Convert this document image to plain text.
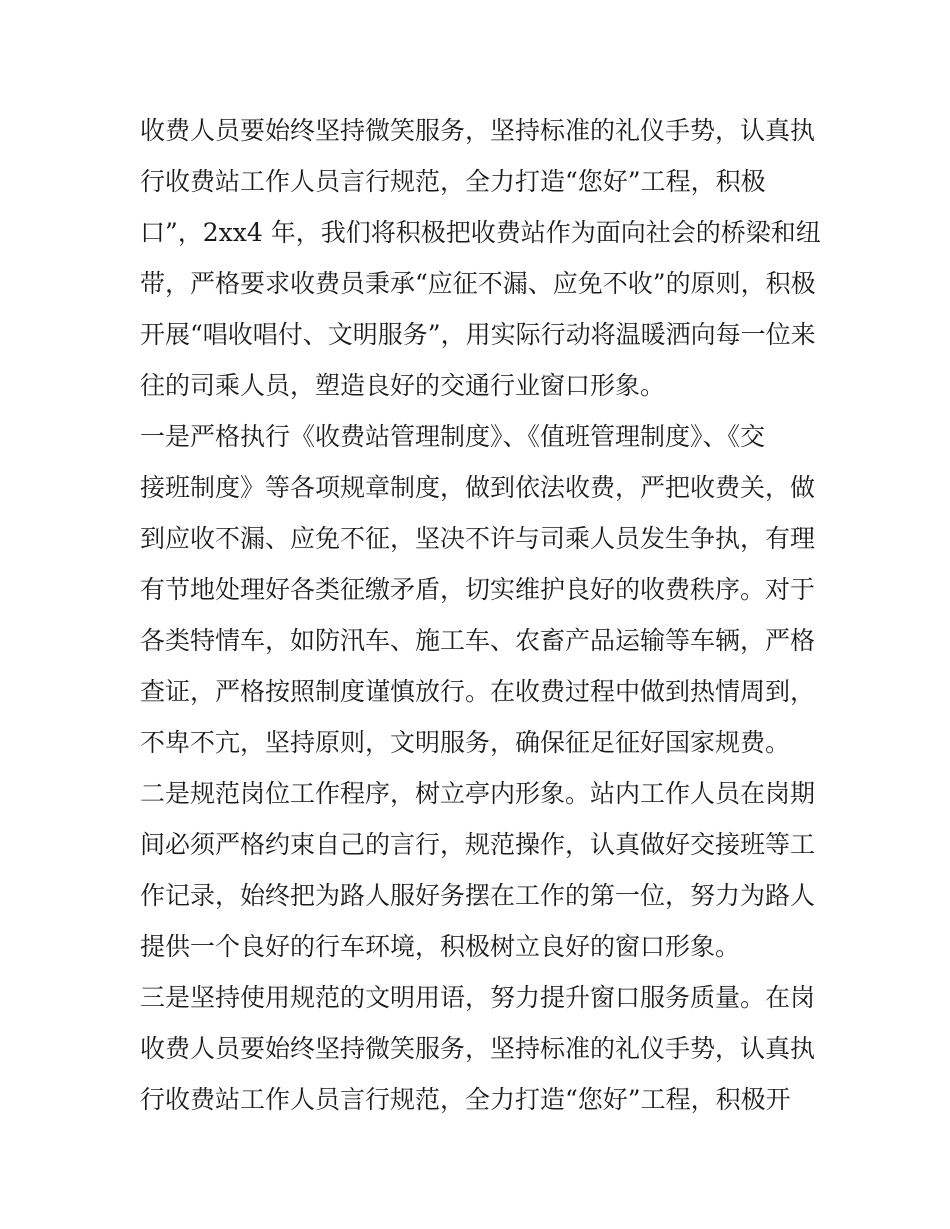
收费人员要始终坚持微笑服务，坚持标准的礼仪手势，认真执
行收费站工作人员言行规范，全力打造“您好”工程，积极
口”，2xx4 年，我们将积极把收费站作为面向社会的桥梁和纽
带，严格要求收费员秉承“应征不漏、应免不收”的原则，积极
开展“唱收唱付、文明服务”，用实际行动将温暖洒向每一位来
往的司乘人员，塑造良好的交通行业窗口形象。
一是严格执行《收费站管理制度》、《值班管理制度》、《交
接班制度》等各项规章制度，做到依法收费，严把收费关，做
到应收不漏、应免不征，坚决不许与司乘人员发生争执，有理
有节地处理好各类征缴矛盾，切实维护良好的收费秩序。对于
各类特情车，如防汛车、施工车、农畜产品运输等车辆，严格
查证，严格按照制度谨慎放行。在收费过程中做到热情周到，
不卑不亢，坚持原则，文明服务，确保征足征好国家规费。
二是规范岗位工作程序，树立亭内形象。站内工作人员在岗期
间必须严格约束自己的言行，规范操作，认真做好交接班等工
作记录，始终把为路人服好务摆在工作的第一位，努力为路人
提供一个良好的行车环境，积极树立良好的窗口形象。
三是坚持使用规范的文明用语，努力提升窗口服务质量。在岗
收费人员要始终坚持微笑服务，坚持标准的礼仪手势，认真执
行收费站工作人员言行规范，全力打造“您好”工程，积极开
